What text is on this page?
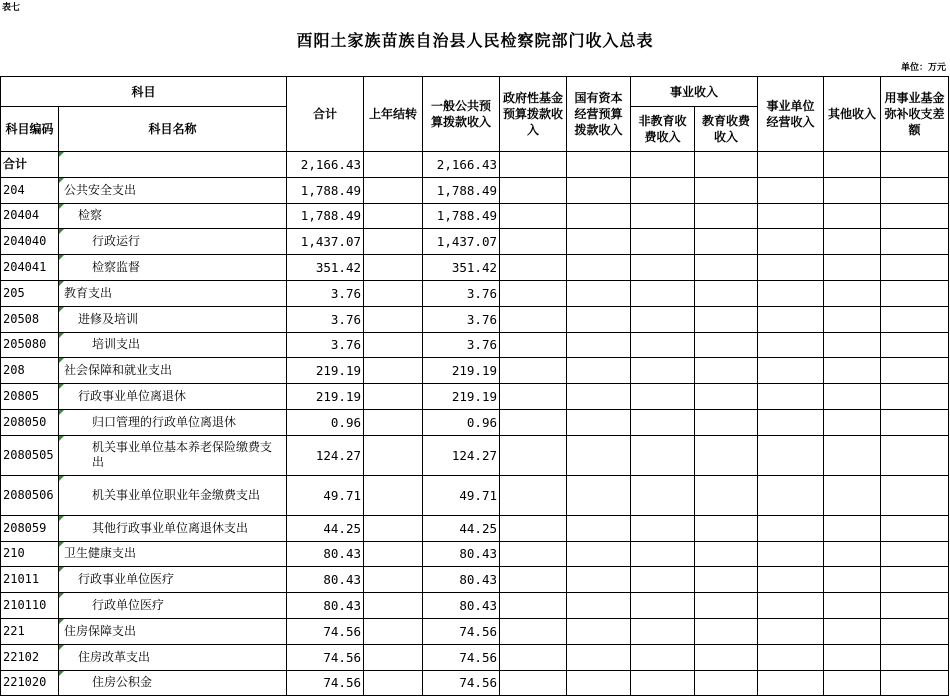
表七
酉阳土家族苗族自治县人民检察院部门收入总表
单位：万元
科目		合计	上年结转	一般公共预算拨款收入	政府性基金预算拨款收入	国有资本经营预算拨款收入	事业收入		事业单位经营收入	其他收入	用事业基金弥补收支差额
科目编码	科目名称						非教育收费收入	教育收费收入			
合计		2,166.43		2,166.43							
204	公共安全支出	1,788.49		1,788.49							
20404	检察	1,788.49		1,788.49							
204040	行政运行	1,437.07		1,437.07							
204041	检察监督	351.42		351.42							
205	教育支出	3.76		3.76							
20508	进修及培训	3.76		3.76							
205080	培训支出	3.76		3.76							
208	社会保障和就业支出	219.19		219.19							
20805	行政事业单位离退休	219.19		219.19							
208050	归口管理的行政单位离退休	0.96		0.96							
2080505	机关事业单位基本养老保险缴费支出	124.27		124.27							
2080506	机关事业单位职业年金缴费支出	49.71		49.71							
208059	其他行政事业单位离退休支出	44.25		44.25							
210	卫生健康支出	80.43		80.43							
21011	行政事业单位医疗	80.43		80.43							
210110	行政单位医疗	80.43		80.43							
221	住房保障支出	74.56		74.56							
22102	住房改革支出	74.56		74.56							
221020	住房公积金	74.56		74.56							
